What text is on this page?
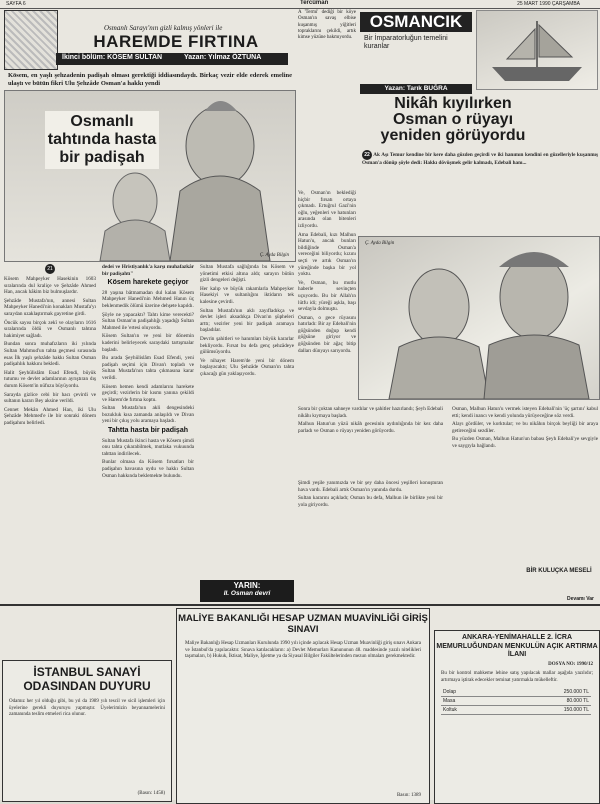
SAYFA 6	Tercüman	25 MART 1990 ÇARŞAMBA
Osmanlı Sarayı'nın gizli kalmış yönleri ile
HAREMDE FIRTINA
İkinci bölüm: KÖSEM SULTAN	Yazan: Yılmaz ÖZTUNA
Kösem, en yaşlı şehzadenin padişah olması gerektiği iddiasındaydı. Birkaç vezir elde ederek emeline ulaştı ve bütün fikri Ulu Şehzâde Osman'a hakkı yendi
Osmanlı tahtında hasta bir padişah
Ç. Ayda Bilgin
21

Kösem Mahpeyker Hasekinin 1603 sıralarında dul kraliçe ve Şehzâde Ahmed Han, ancak hâkim biz bulmuşlardır.

Şehzâde Mustafa'nın, annesi Sultan Mahpeyker Hanedi'nin konakları Mustafa'yı saraydan uzaklaştırmak gayretine girdi.

Öncük sayısı birçok zekî ve olayların 1616 sıralarında öldü ve Osmanlı tahtına hakimiyet sağladı.

Bundan sonra muhafızların iki yılında Sultan Mahmud'un tahta geçmesi sırasında esas İlk yaşlı şehzâde hakkı Sultan Osman padişahlık hakkını bekledi.

Halit Şeyhülislâm Esad Efendi, büyük tutumu ve devlet adamlarının ayrıştıran dış durum Kösem'in nüfuzu büyüyordu.

Sarayda gizlice cebi bir hacı çevirdi ve sultanın kararı Bey aksine verildi.

Cennet Mekân Ahmed Han, iki Ulu Şehzâde Mehmed'e ile bir sonraki dönem padişahını belirledi.

dedei ve Hristiyanlık'a karşı muhafazkâr bir padişahtı"

Kösem harekete geçiyor

28 yaşına bâtmamadan dul kalan Kösem Mahpeyker Hanedi'nin Mehmed Hanın üç beklenmedik ölümü üzerine dehşete kapıldı.

Şöyle ne yapacaktı? Tahtı kime verecekti? Sultan Osman'ın padişahlığı yaşadığı Sultan Mahmed ile 'ertesi oluyordu.

Kösem Sultan'ın ve yeni bir dönemin kaderini belirleyecek saraydaki tartışmalar başladı.

Bu arada Şeyhülislâm Esad Efendi, yeni padişah seçimi için Divan'ı topladı ve Sultan Mustafa'nın tahta çıkmasına karar verildi.

Kösem hemen kendi adamlarını harekete geçirdi; vezirlerin bir kısmı yanına çekildi ve Harem'de fırtına koptu.

Sultan Mustafa'nın akli dengesindeki bozukluk kısa zamanda anlaşıldı ve Divan yeni bir çıkış yolu aramaya başladı.

Tahtta hasta bir padişah

Sultan Mustafa ikinci hasta ve Kösem şimdi onu tahta çıkarabilmek, mutlaka vukuunda tahttan indirilecek.

Bunlar olmasa da Kösem fırsatları bir padişahın havasına uydu ve hakkı Sultan Osman hakkında beklemekte bulundu.

Sultan Mustafa sağlığında bu Kösem ve yönetimi etkisi altına aldı; sarayın bütün gizli dengeleri değişti.

Her kalıp ve büyük rakamlarla Mahpeyker Hasekiyi ve sultanlığını iktidarın tek kalesine çevirdi.

Sultan Mustafa'nın aklı zayıfladıkça ve devlet işleri aksadıkça Divan'ın şüpheleri arttı; vezirler yeni bir padişah aramaya başladılar.

Devrin şahitleri ve hanımları büyük kararlar bekliyordu. Fırsat bu defa genç şehzâdeye gülümsüyordu.

Ve nihayet Harem'de yeni bir dönem başlayacaktı; Ulu Şehzâde Osman'ın tahta çıkacağı gün yaklaşıyordu.

YARIN:
II. Osman devri
A 'Termi' dediği bir köye Osman'ın savaş elbise kuşanmış yiğitleri topraklarını çekildi, artık kimse yüzüne bakmıyordu.
OSMANCIK
Bir İmparatorluğun temelini kuranlar
Yazan: Tarık BUĞRA
Nikâh kıyılırken Osman o rüyayı yeniden görüyordu
22 Ak Aşı Temur kendine bir kere daha gözden geçirdi ve iki hanımın kendini en güzelleriyle kuşanmış Osman'a dönüp şöyle dedi: Hakkı dövüşmek gelir kalmadı, Edebali hanı...

Ve, Osman'ın beklediği hiçbir fırsatı ortaya çıkmadı. Ertuğrul Gazi'nin oğlu, yeğenleri ve hatunları arasında olan bitenleri izliyordu.

Ama Edebali, kızı Malhun Hatun'u, ancak bunları bildiğinde Osman'a vereceğini biliyordu; kızını seçti ve artık Osman'ın yüreğinde başka bir yol yoktu.

Ve, Osman, bu mutlu haberle sevinçten uçuyordu. Bu bir Allah'ın lütfu idi; yüreği aşkla, başı sevdayla dolmuştu.

Osman, o gece rüyasını hatırladı: Bir ay Edebali'nin göğsünden doğup kendi göğsüne giriyor ve göğsünden bir ağaç bitip dalları dünyayı sarıyordu.

Ç. Ayda Bilgin

Sonra bir çoktan sahneye vardılar ve şahitler hazırlandı; Şeyh Edebali nikâhı kıymaya başladı.

Malhun Hatun'un yüzü nikâh gecesinin aydınlığında bir kez daha parladı ve Osman o rüyayı yeniden görüyordu.

Osman, Malhun Hatun'u vermek isteyen Edebali'nin 'üç şartını' kabul etti; kendi inancı ve kendi yolunda yürüyeceğine söz verdi.

Alayı gördüler, ve korktular; ve bu nikâhın birçok beyliği bir araya getireceğini sezdiler.

Bu yüzden Osman, Malhun Hatun'un babası Şeyh Edebali'ye sevgiyle ve saygıyla bağlandı.

Şimdi yeşile yanımızda ve bir şey daha öncesi yeşilleri konuşturan hava vardı. Edebali artık Osman'ın yanında durdu.

Sultan kararını açıkladı; Osman bu defa, Malhun ile birlikte yeni bir yola giriyordu.

BİR KULUÇKA MESELİ
Devamı Var
İSTANBUL SANAYİ ODASINDAN DUYURU
Odamız her yıl olduğu gibi, bu yıl da 1989 yılı tescil ve sicil işlemleri için üyelerine gerekli duyuruyu yapmıştır. Üyelerimizin beyannamelerini zamanında teslim etmeleri rica olunur.
(Basın: 1458)
MALİYE BAKANLIĞI HESAP UZMAN MUAVİNLİĞİ GİRİŞ SINAVI
Maliye Bakanlığı Hesap Uzmanları Kurulunda 1990 yılı içinde açılacak Hesap Uzman Muavinliği giriş sınavı Ankara ve İstanbul'da yapılacaktır. Sınava katılacakların: a) Devlet Memurları Kanununun 48. maddesinde yazılı nitelikleri taşımaları, b) Hukuk, İktisat, Maliye, İşletme ya da Siyasal Bilgiler Fakültelerinden mezun olmaları gerekmektedir.
Basın: 1389
ANKARA-YENİMAHALLE 2. İCRA MEMURLUĞUNDAN MENKULÜN AÇIK ARTIRMA İLANI
DOSYA NO: 1990/12
Bu bir kontrol mahkeme lehine satış yapılacak mallar aşağıda yazılıdır; artırmaya iştirak edecekler teminat yatırmakla mükelleftir.
Dolap	250.000 TL
Masa	80.000 TL
Koltuk	150.000 TL
